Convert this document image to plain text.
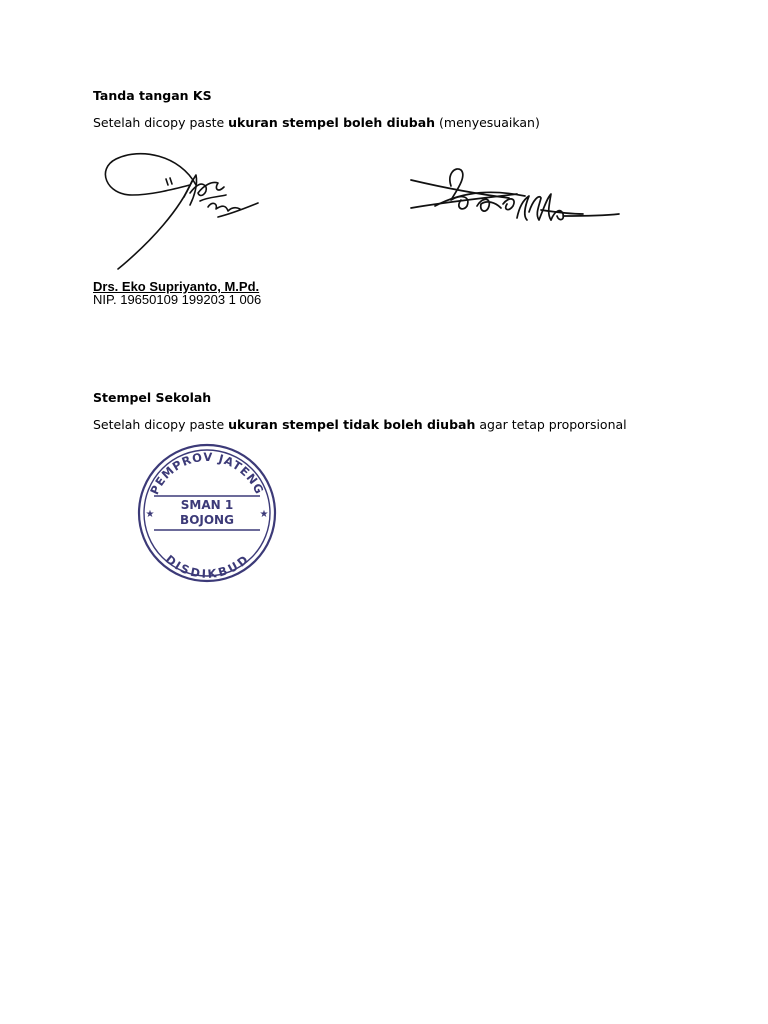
Tanda tangan KS
Setelah dicopy paste ukuran stempel boleh diubah (menyesuaikan)
Drs. Eko Supriyanto, M.Pd.
NIP. 19650109 199203 1 006
Stempel Sekolah
Setelah dicopy paste ukuran stempel tidak boleh diubah agar tetap proporsional
PEMPROV JATENG
DISDIKBUD
SMAN 1
BOJONG
★	★
